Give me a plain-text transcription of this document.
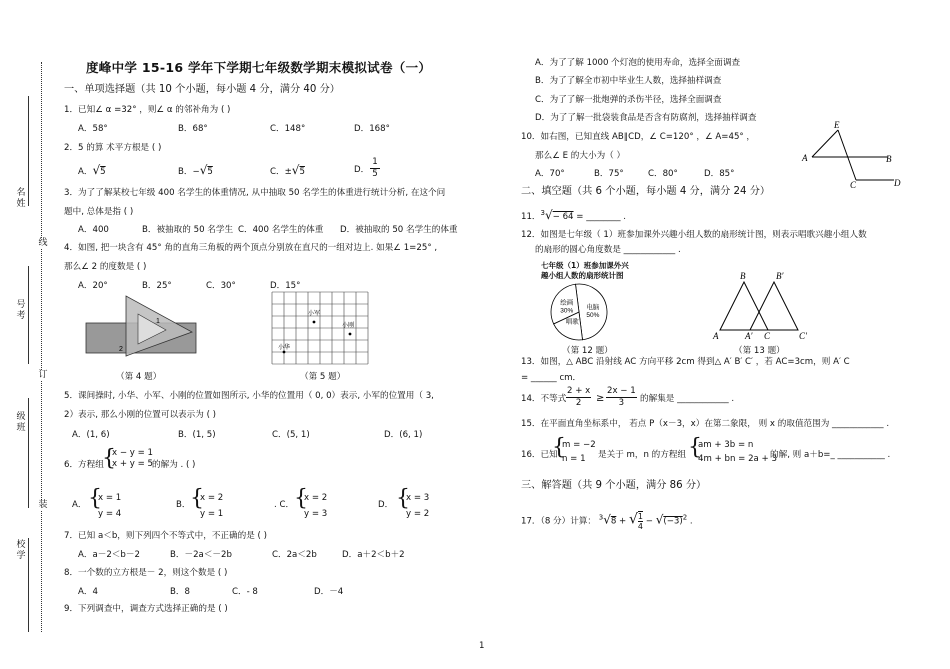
名
姓
号
考
级
班
校
学
线
订
装
度峰中学 15-16 学年下学期七年级数学期末模拟试卷（一）
一、单项选择题（共 10 个小题，每小题 4 分，满分 40 分）
1．已知∠ α =32° ，则∠ α 的邻补角为 ( )
A．58°	B．68°	C．148°	D．168°
2．5 的算 术平方根是 ( )
A．√5	B．−√5	C．±√5	D．
1
5
3．为了了解某校七年级 400 名学生的体重情况, 从中抽取 50 名学生的体重进行统计分析, 在这个问
题中, 总体是指 ( )
A．400	B．被抽取的 50 名学生 C．400 名学生的体重 D．被抽取的 50 名学生的体重
4．如图, 把一块含有 45° 角的直角三角板的两个顶点分别放在直尺的一组对边上. 如果∠ 1=25° ,
那么∠ 2 的度数是 ( )
A．20°	B．25°	C．30°	D．15°
1
2
（第 4 题）
小军
小刚
小华
（第 5 题）
5．课间操时, 小华、小军、小刚的位置如图所示, 小华的位置用（ 0, 0）表示, 小军的位置用（ 3,
2）表示, 那么小刚的位置可以表示为 ( )
A．(1, 6)	B．(1, 5)	C．(5, 1)	D．(6, 1)
6．方程组
{
x − y = 1
x + y = 5 的解为 . ( )
A． {
x = 1
y = 4
B． {
x = 2
y = 1
. C． {
x = 2
y = 3
D． {
x = 3
y = 2
7．已知 a＜b，则下列四个不等式中，不正确的是 ( )
A．a－2＜b－2	B．－2a＜－2b	C．2a＜2b	D．a＋2＜b＋2
8．一个数的立方根是－ 2，则这个数是 ( )
A．4	B．8	C．- 8	D．－4
9．下列调查中，调查方式选择正确的是 ( )
A．为了了解 1000 个灯泡的使用寿命，选择全面调查
B．为了了解全市初中毕业生人数，选择抽样调查
C．为了了解一批炮弹的杀伤半径，选择全面调查
D．为了了解一批袋装食品是否含有防腐剂，选择抽样调查
10．如右图，已知直线 AB∥CD，∠ C=120° ，∠ A=45° ，
那么∠ E 的大小为（ ）
A．70°	B．75°	C．80°	D．85°
A	B
E
C	D
二、填空题（共 6 个小题，每小题 4 分，满分 24 分）
11．$^3$√− 64 = ________ .
12．如图是七年级（ 1）班参加课外兴趣小组人数的扇形统计图，则表示唱歌兴趣小组人数
的扇形的圆心角度数是 ____________ .
七年级（1）班参加课外兴
趣小组人数的扇形统计图
电脑
50%
唱歌
绘画
30%
（第 12 题）
A	A′ C	C′
B	B′
（第 13 题）
13．如图，△ ABC 沿射线 AC 方向平移 2cm 得到△ A′ B′ C′ ，若 AC=3cm，则 A′ C
= ______ cm．
14．不等式
2 + x
2	≥
2x − 1
3	的解集是 ____________ .
15．在平面直角坐标系中， 若点 P（x－3，x）在第二象限， 则 x 的取值范围为 ____________ .
16．已知
{
m = −2
n = 1	是关于 m，n 的方程组 {
am + 3b = n
4m + bn = 2a + 3
的解, 则 a＋b=_ ___________ .
三、解答题（共 9 个小题，满分 86 分）
17．（8 分）计算： $^3$√8 + √ $\frac{1}{4} - √(-3)^2$ .
1
